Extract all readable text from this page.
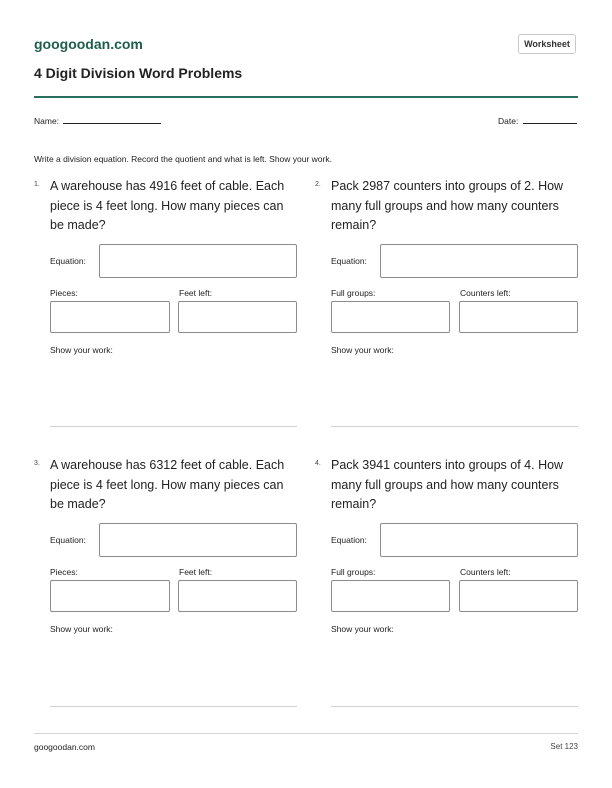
googoodan.com	Worksheet
4 Digit Division Word Problems
Name:	Date:
Write a division equation. Record the quotient and what is left. Show your work.
1. A warehouse has 4916 feet of cable. Each piece is 4 feet long. How many pieces can be made?
Equation:
Pieces:	Feet left:
Show your work:
2. Pack 2987 counters into groups of 2. How many full groups and how many counters remain?
Equation:
Full groups:	Counters left:
Show your work:
3. A warehouse has 6312 feet of cable. Each piece is 4 feet long. How many pieces can be made?
Equation:
Pieces:	Feet left:
Show your work:
4. Pack 3941 counters into groups of 4. How many full groups and how many counters remain?
Equation:
Full groups:	Counters left:
Show your work:
googoodan.com	Set 123
